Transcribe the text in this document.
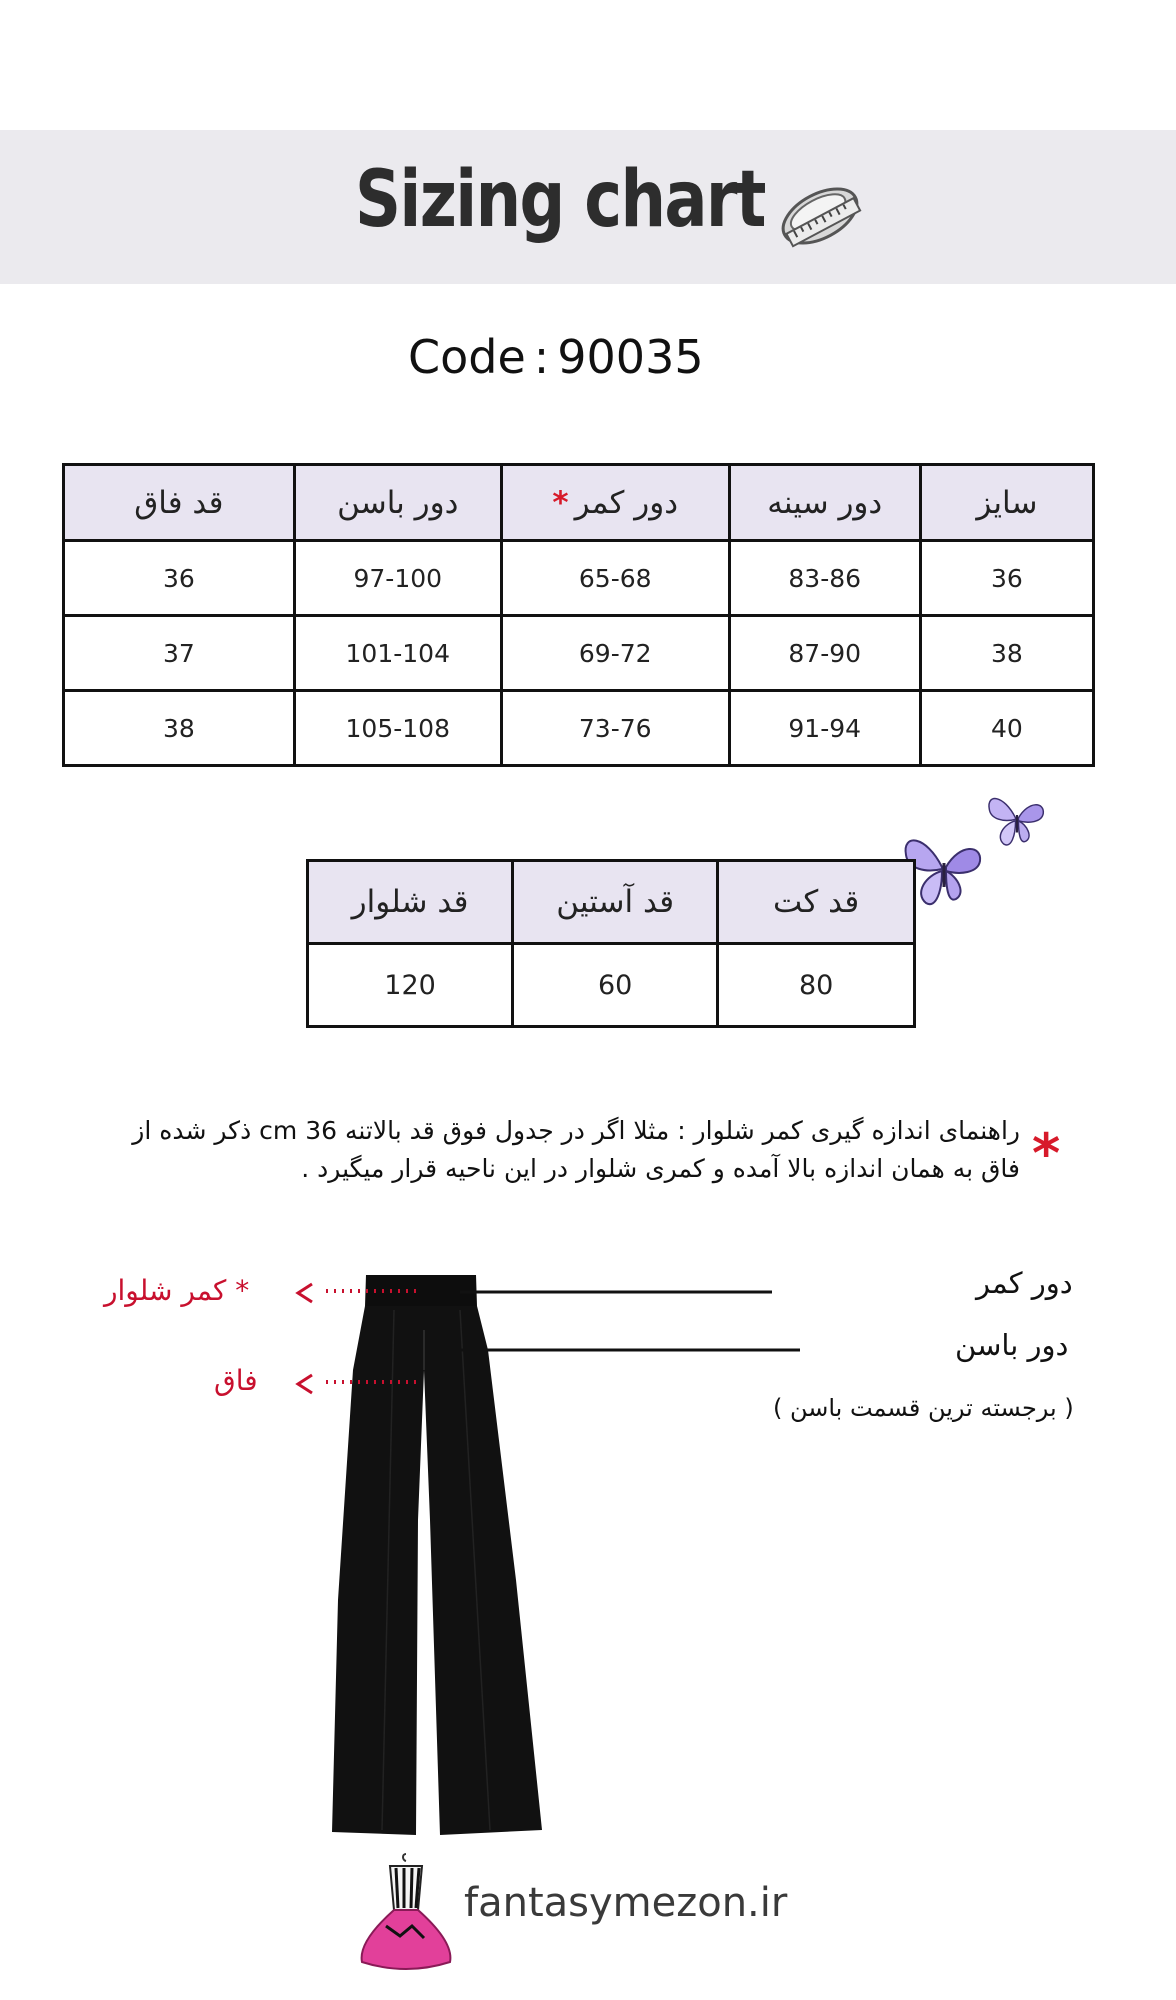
Sizing chart
Code : 90035
سایز	دور سینه	دور کمر*	دور باسن	قد فاق
36	83-86	65-68	97-100	36
38	87-90	69-72	101-104	37
40	91-94	73-76	105-108	38
قد کت	قد آستین	قد شلوار
80	60	120
*
راهنمای اندازه گیری کمر شلوار : مثلا اگر در جدول فوق قد بالاتنه 36 cm ذکر شده از فاق به همان اندازه بالا آمده و کمری شلوار در این ناحیه قرار میگیرد .
* کمر شلوار
فاق
دور کمر
دور باسن
( برجسته ترین قسمت باسن )
fantasymezon.ir
